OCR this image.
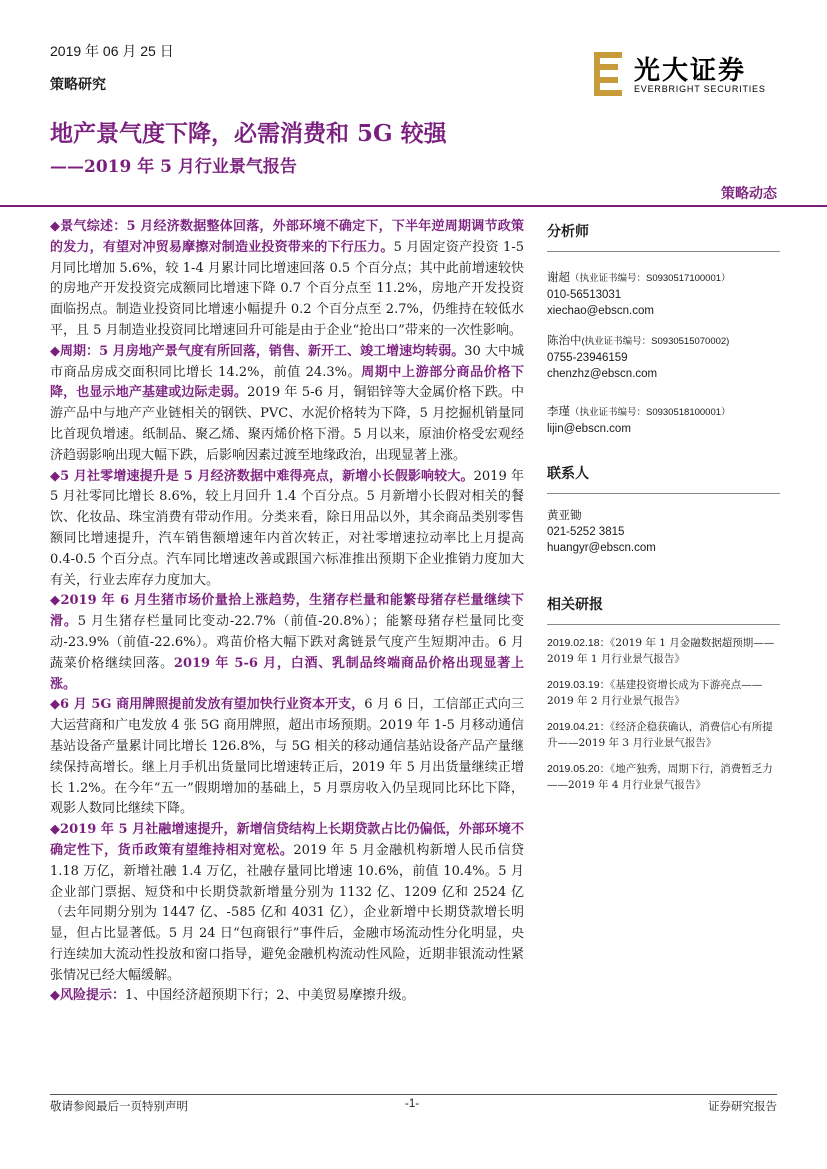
2019 年 06 月 25 日
策略研究	光大证券
EVERBRIGHT SECURITIES
地产景气度下降，必需消费和 5G 较强
——2019 年 5 月行业景气报告
策略动态

◆景气综述：5 月经济数据整体回落，外部环境不确定下，下半年逆周期调节政策的发力，有望对冲贸易摩擦对制造业投资带来的下行压力。5 月固定资产投资 1-5 月同比增加 5.6%，较 1-4 月累计同比增速回落 0.5 个百分点；其中此前增速较快的房地产开发投资完成额同比增速下降 0.7 个百分点至 11.2%，房地产开发投资面临拐点。制造业投资同比增速小幅提升 0.2 个百分点至 2.7%，仍维持在较低水平，且 5 月制造业投资同比增速回升可能是由于企业“抢出口”带来的一次性影响。

◆周期：5 月房地产景气度有所回落，销售、新开工、竣工增速均转弱。30 大中城市商品房成交面积同比增长 14.2%，前值 24.3%。周期中上游部分商品价格下降，也显示地产基建或边际走弱。2019 年 5-6 月，铜铝锌等大金属价格下跌。中游产品中与地产产业链相关的钢铁、PVC、水泥价格转为下降，5 月挖掘机销量同比首现负增速。纸制品、聚乙烯、聚丙烯价格下滑。5 月以来，原油价格受宏观经济趋弱影响出现大幅下跌，后影响因素过渡至地缘政治，出现显著上涨。

◆5 月社零增速提升是 5 月经济数据中难得亮点，新增小长假影响较大。2019 年 5 月社零同比增长 8.6%，较上月回升 1.4 个百分点。5 月新增小长假对相关的餐饮、化妆品、珠宝消费有带动作用。分类来看，除日用品以外，其余商品类别零售额同比增速提升，汽车销售额增速年内首次转正，对社零增速拉动率比上月提高 0.4-0.5 个百分点。汽车同比增速改善或跟国六标准推出预期下企业推销力度加大有关，行业去库存力度加大。

◆2019 年 6 月生猪市场价量拾上涨趋势，生猪存栏量和能繁母猪存栏量继续下滑。5 月生猪存栏量同比变动-22.7%（前值-20.8%）；能繁母猪存栏量同比变动-23.9%（前值-22.6%）。鸡苗价格大幅下跌对禽链景气度产生短期冲击。6 月蔬菜价格继续回落。2019 年 5-6 月，白酒、乳制品终端商品价格出现显著上涨。

◆6 月 5G 商用牌照提前发放有望加快行业资本开支，6 月 6 日，工信部正式向三大运营商和广电发放 4 张 5G 商用牌照，超出市场预期。2019 年 1-5 月移动通信基站设备产量累计同比增长 126.8%，与 5G 相关的移动通信基站设备产品产量继续保持高增长。继上月手机出货量同比增速转正后，2019 年 5 月出货量继续正增长 1.2%。在今年“五一”假期增加的基础上，5 月票房收入仍呈现同比环比下降，观影人数同比继续下降。

◆2019 年 5 月社融增速提升，新增信贷结构上长期贷款占比仍偏低，外部环境不确定性下，货币政策有望维持相对宽松。2019 年 5 月金融机构新增人民币信贷 1.18 万亿，新增社融 1.4 万亿，社融存量同比增速 10.6%，前值 10.4%。5 月企业部门票据、短贷和中长期贷款新增量分别为 1132 亿、1209 亿和 2524 亿（去年同期分别为 1447 亿、-585 亿和 4031 亿），企业新增中长期贷款增长明显，但占比显著低。5 月 24 日“包商银行”事件后，金融市场流动性分化明显，央行连续加大流动性投放和窗口指导，避免金融机构流动性风险，近期非银流动性紧张情况已经大幅缓解。

◆风险提示：1、中国经济超预期下行；2、中美贸易摩擦升级。

分析师

谢超（执业证书编号：S0930517100001）
010-56513031
xiechao@ebscn.com
陈治中(执业证书编号：S0930515070002)
0755-23946159
chenzhz@ebscn.com
李瑾（执业证书编号：S0930518100001）
lijin@ebscn.com

联系人

黄亚锄
021-5252 3815
huangyr@ebscn.com

相关研报

2019.02.18：《2019 年 1 月金融数据超预期——2019 年 1 月行业景气报告》
2019.03.19：《基建投资增长成为下游亮点——2019 年 2 月行业景气报告》
2019.04.21：《经济企稳获确认，消费信心有所提升——2019 年 3 月行业景气报告》
2019.05.20：《地产独秀，周期下行，消费暂乏力——2019 年 4 月行业景气报告》
敬请参阅最后一页特别声明	-1-	证券研究报告
